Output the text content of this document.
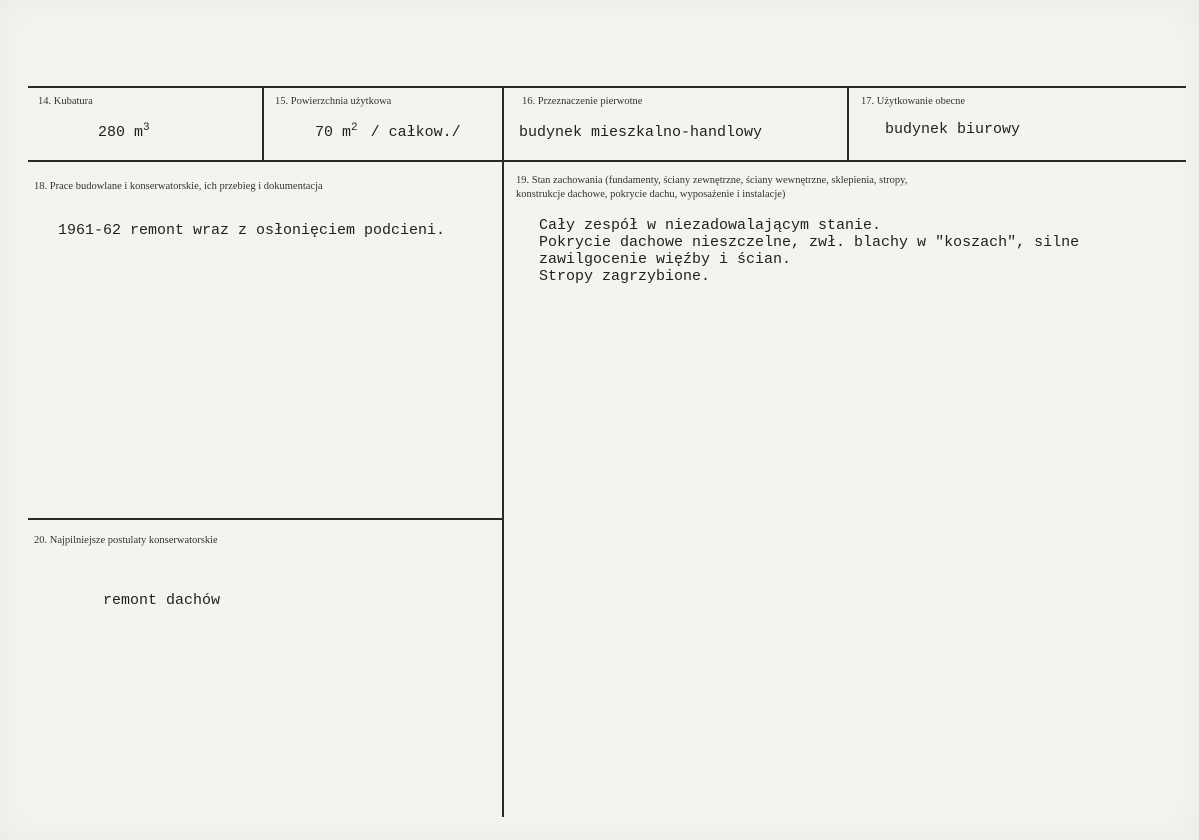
14. Kubatura
280 $m^3$
15. Powierzchnia użytkowa
70 $m^2$ / całkow./
16. Przeznaczenie pierwotne
budynek mieszkalno-handlowy
17. Użytkowanie obecne
budynek biurowy
18. Prace budowlane i konserwatorskie, ich przebieg i dokumentacja
1961-62 remont wraz z osłonięciem podcieni.
19. Stan zachowania (fundamenty, ściany zewnętrzne, ściany wewnętrzne, sklepienia, stropy,
konstrukcje dachowe, pokrycie dachu, wyposażenie i instalacje)
Cały zespół w niezadowalającym stanie.
Pokrycie dachowe nieszczelne, zwł. blachy w "koszach", silne
zawilgocenie więźby i ścian.
Stropy zagrzybione.
20. Najpilniejsze postulaty konserwatorskie
remont dachów
